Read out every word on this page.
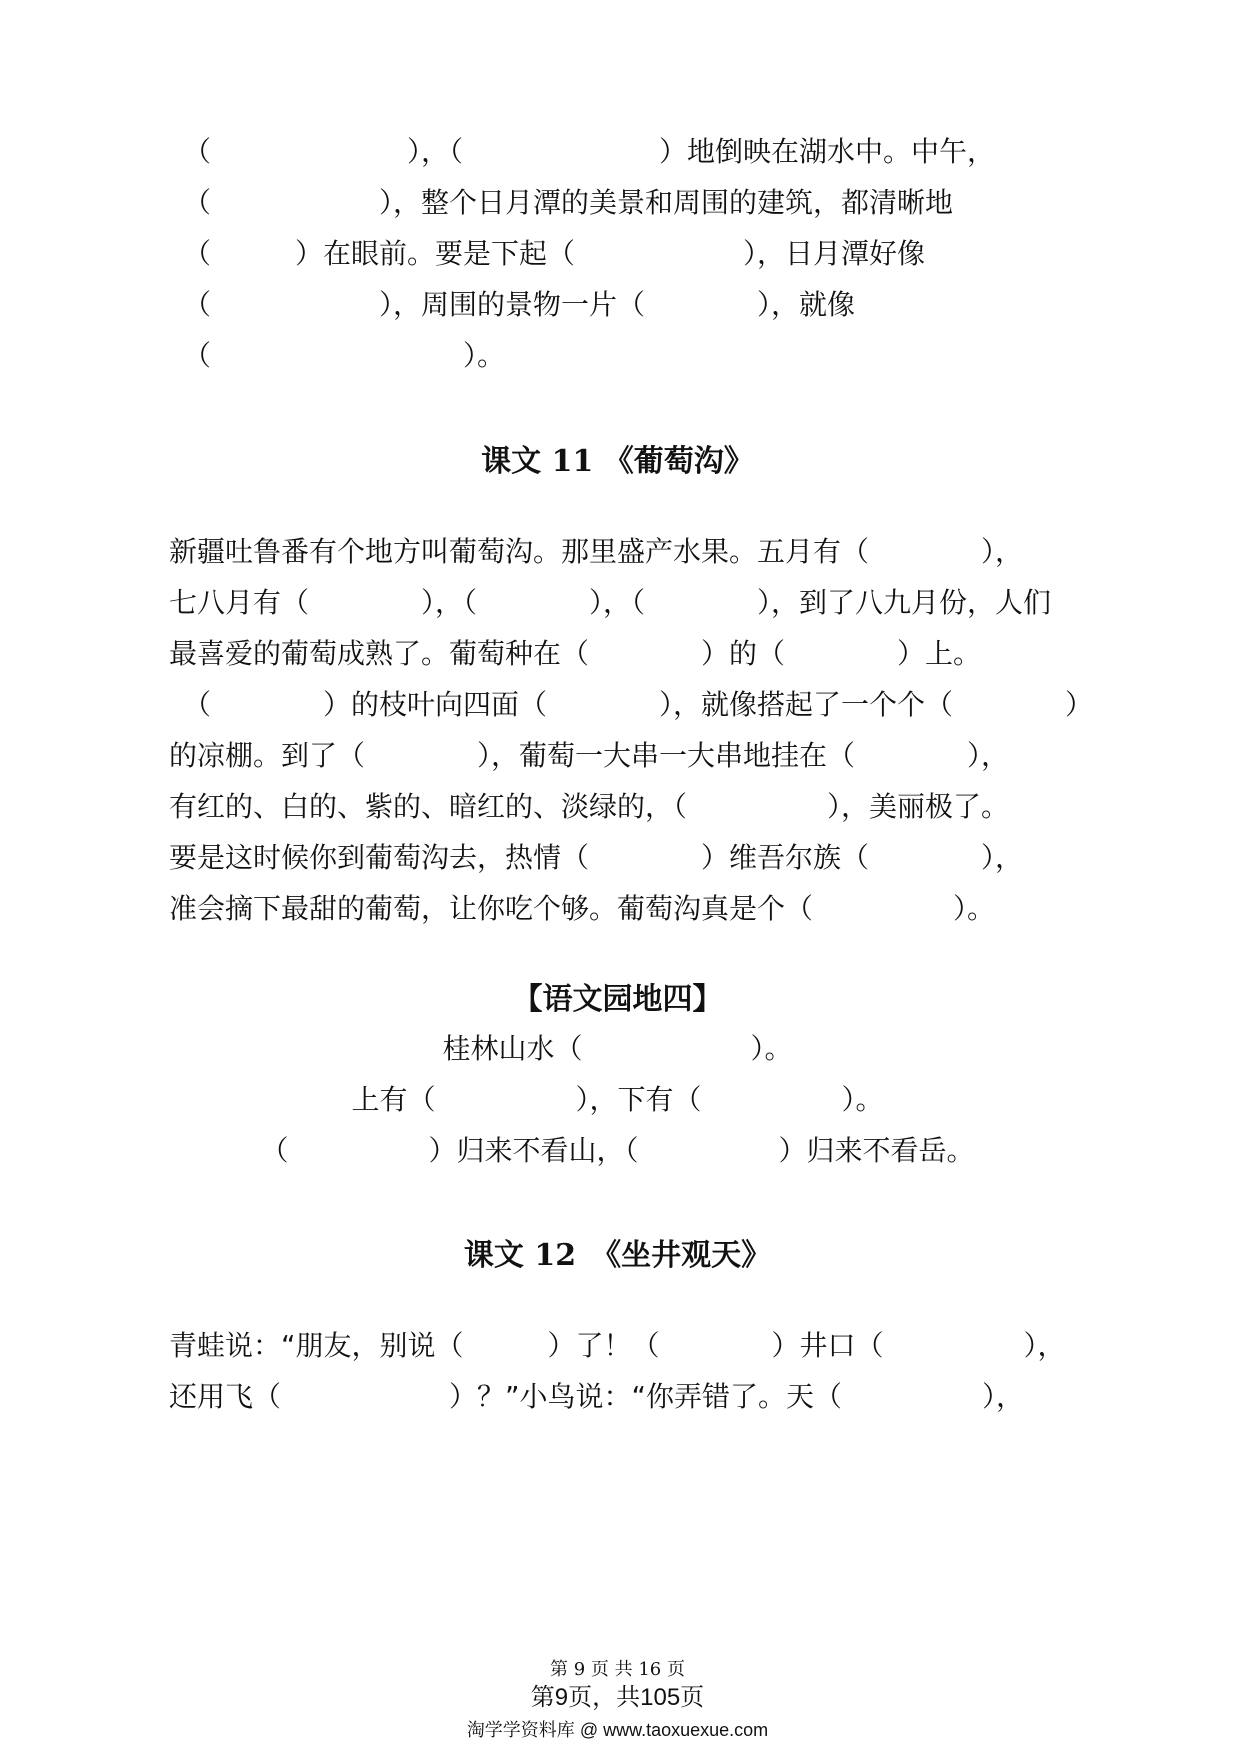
（　　　　　　　），（　　　　　　　）地倒映在湖水中。中午，
（　　　　　　），整个日月潭的美景和周围的建筑，都清晰地
（　　　）在眼前。要是下起（　　　　　　），日月潭好像
（　　　　　　），周围的景物一片（　　　　），就像
（　　　　　　　　　）。
课文 11 《葡萄沟》
新疆吐鲁番有个地方叫葡萄沟。那里盛产水果。五月有（　　　　），
七八月有（　　　　），（　　　　），（　　　　），到了八九月份，人们
最喜爱的葡萄成熟了。葡萄种在（　　　　）的（　　　　）上。
（　　　　）的枝叶向四面（　　　　），就像搭起了一个个（　　　　）
的凉棚。到了（　　　　），葡萄一大串一大串地挂在（　　　　），
有红的、白的、紫的、暗红的、淡绿的，（　　　　　），美丽极了。
要是这时候你到葡萄沟去，热情（　　　　）维吾尔族（　　　　），
准会摘下最甜的葡萄，让你吃个够。葡萄沟真是个（　　　　　）。
【语文园地四】
桂林山水（　　　　　　）。
上有（　　　　　），下有（　　　　　）。
（　　　　　）归来不看山，（　　　　　）归来不看岳。
课文 12　《坐井观天》
青蛙说：“朋友，别说（　　　）了！（　　　　）井口（　　　　　），
还用飞（　　　　　　）？”小鸟说：“你弄错了。天（　　　　　），
第 9 页 共 16 页
第9页，共105页
淘学学资料库 @ www.taoxuexue.com
